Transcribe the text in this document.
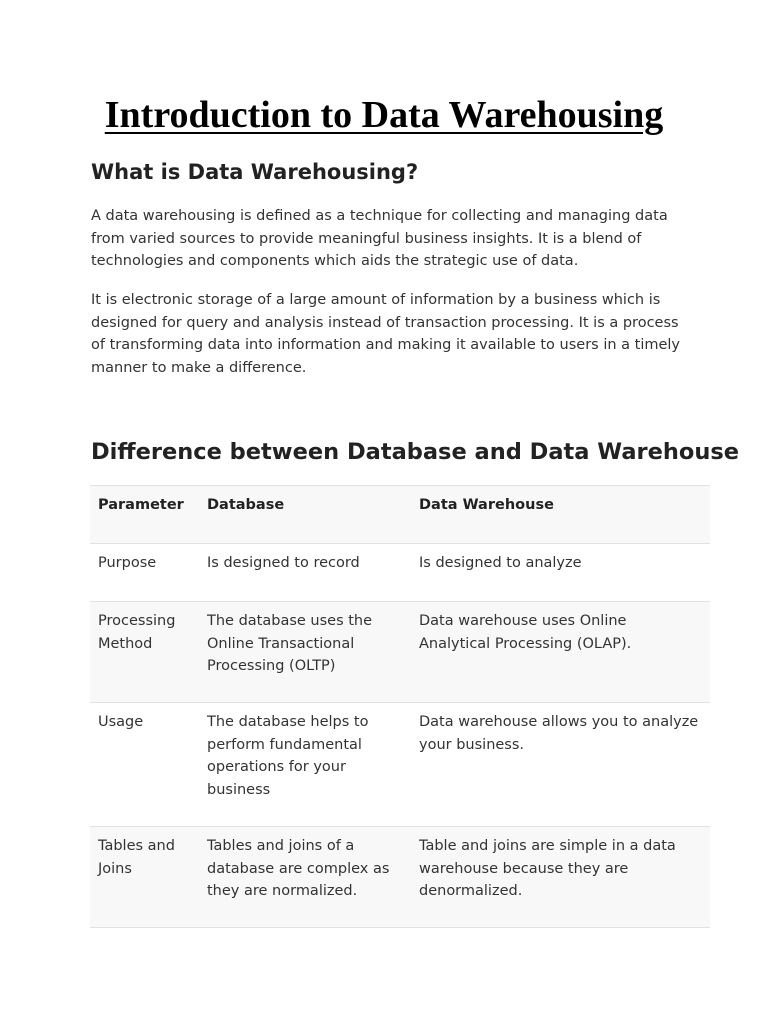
Introduction to Data Warehousing
What is Data Warehousing?

A data warehousing is defined as a technique for collecting and managing data from varied sources to provide meaningful business insights. It is a blend of technologies and components which aids the strategic use of data.

It is electronic storage of a large amount of information by a business which is designed for query and analysis instead of transaction processing. It is a process of transforming data into information and making it available to users in a timely manner to make a difference.

Difference between Database and Data Warehouse
Parameter	Database	Data Warehouse
Purpose	Is designed to record	Is designed to analyze
Processing Method	The database uses the Online Transactional Processing (OLTP)	Data warehouse uses Online Analytical Processing (OLAP).
Usage	The database helps to perform fundamental operations for your business	Data warehouse allows you to analyze your business.
Tables and Joins	Tables and joins of a database are complex as they are normalized.	Table and joins are simple in a data warehouse because they are denormalized.
